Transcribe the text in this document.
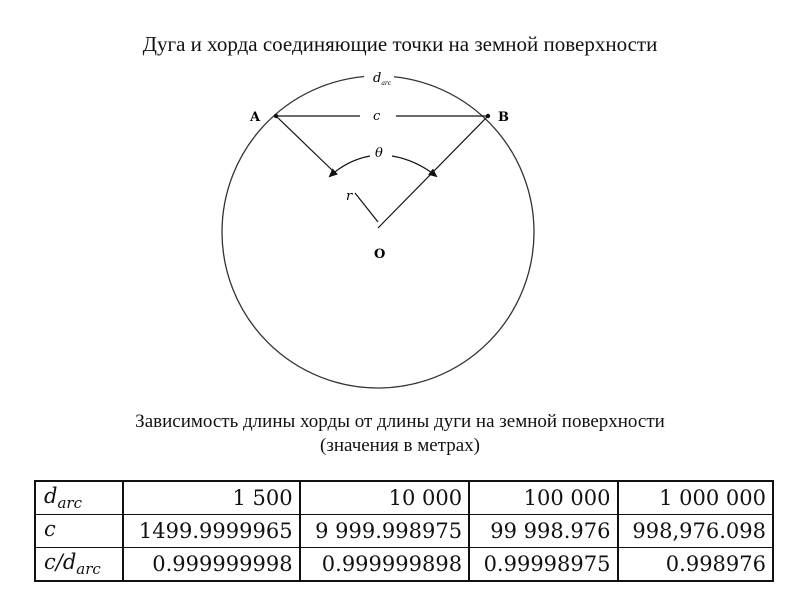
Дуга и хорда соединяющие точки на земной поверхности
A	B
O
$d_{arc}$
c
θ
r
Зависимость длины хорды от длины дуги на земной поверхности
(значения в метрах)
$d_{arc}$	1 500	10 000	100 000	1 000 000
c	1499.9999965	9 999.998975	99 998.976	998,976.098
$c/d_{arc}$	0.999999998	0.999999898	0.99998975	0.998976
